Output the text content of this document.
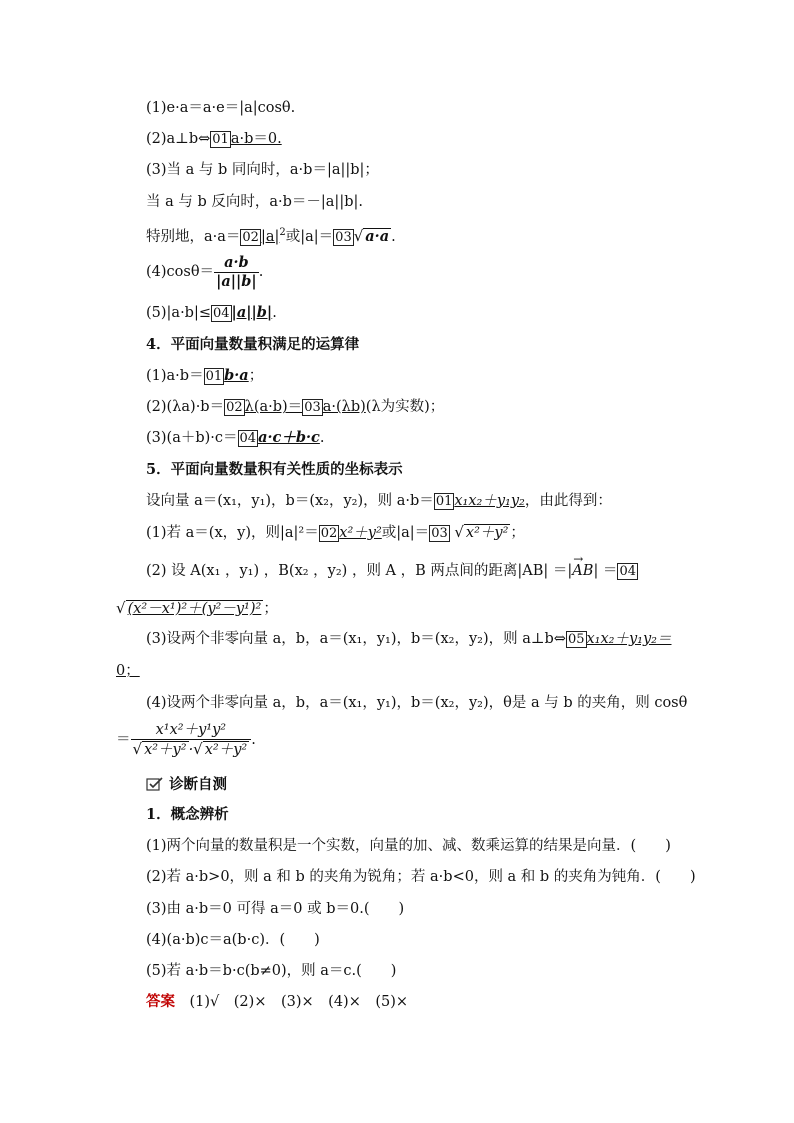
(1)e·a＝a·e＝|a|cosθ.
(2)a⊥b⇔ 01 a·b＝0.
(3)当 a 与 b 同向时，a·b＝|a||b|；
当 a 与 b 反向时，a·b＝－|a||b|.
特别地，a·a＝ 02 $|a|^2$或|a|＝ 03 √ a·a .
$(4)\cos\theta= \frac{a\cdot b}{|a||b|}$ .
(5)|a·b|≤ 04 |a||b|.
4．平面向量数量积满足的运算律
(1)a·b＝ 01 b·a；
(2)(λa)·b＝ 02 λ(a·b)＝ 03 a·(λb)(λ为实数)；
(3)(a＋b)·c＝ 04 a·c＋b·c.
5．平面向量数量积有关性质的坐标表示
设向量 a＝(x₁，y₁)，b＝(x₂，y₂)，则 a·b＝ 01 x₁x₂＋y₁y₂，由此得到：
(1)若 a＝(x，y)，则|a|²＝ 02 x²＋y²或|a|＝ 03 √ x²＋y² ；
(2) 设 A(x₁ ，y₁) ，B(x₂ ，y₂) ，则 A ，B 两点间的距离|AB| ＝|
→
AB| ＝ 04
√ (x²－x¹)²＋(y²－y¹)² ；
(3)设两个非零向量 a，b，a＝(x₁，y₁)，b＝(x₂，y₂)，则 a⊥b⇔ 05 x₁x₂＋y₁y₂＝
0；
(4)设两个非零向量 a，b，a＝(x₁，y₁)，b＝(x₂，y₂)，θ是 a 与 b 的夹角，则 cosθ
＝ $\frac{\text{x¹x²＋y¹y²}}{\text{√ x²＋y² ·√ x²＋y²}}$ .
诊断自测
1．概念辨析
(1)两个向量的数量积是一个实数，向量的加、减、数乘运算的结果是向量．(　　)
(2)若 a·b>0，则 a 和 b 的夹角为锐角；若 a·b<0，则 a 和 b 的夹角为钝角．(　　)
(3)由 a·b＝0 可得 a＝0 或 b＝0.(　　)
(4)(a·b)c＝a(b·c)．(　　)
(5)若 a·b＝b·c(b≠0)，则 a＝c.(　　)
答案　 (1)√　(2)×　(3)×　(4)×　(5)×
